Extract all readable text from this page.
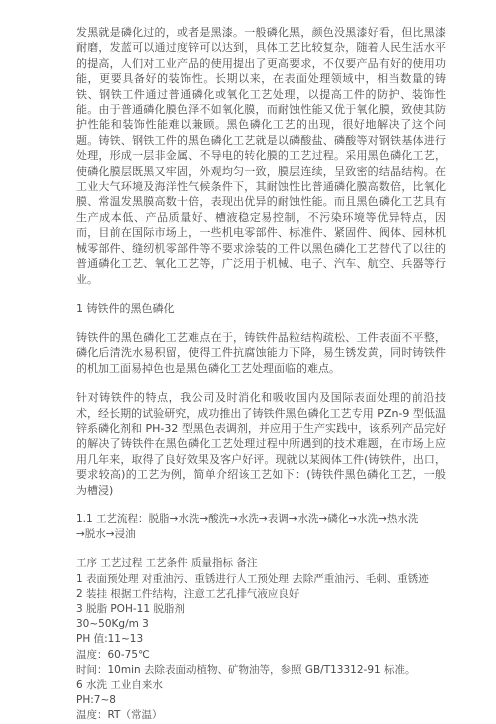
发黑就是磷化过的，或者是黑漆。一般磷化黑，颜色没黑漆好看，但比黑漆耐磨，发蓝可以通过度锌可以达到，具体工艺比较复杂，随着人民生活水平的提高，人们对工业产品的使用提出了更高要求，不仅要产品有好的使用功能，更要具备好的装饰性。长期以来，在表面处理领域中，相当数量的铸铁、钢铁工件通过普通磷化或氧化工艺处理，以提高工件的防护、装饰性能。由于普通磷化膜色泽不如氧化膜，而耐蚀性能又优于氧化膜，致使其防护性能和装饰性能难以兼顾。黑色磷化工艺的出现，很好地解决了这个问题。铸铁、钢铁工件的黑色磷化工艺就是以磷酸盐、磷酸等对钢铁基体进行处理，形成一层非金属、不导电的转化膜的工艺过程。采用黑色磷化工艺，使磷化膜层既黑又牢固，外观均匀一致，膜层连续，呈致密的结晶结构。在工业大气环境及海洋性气候条件下，其耐蚀性比普通磷化膜高数倍，比氧化膜、常温发黑膜高数十倍，表现出优异的耐蚀性能。而且黑色磷化工艺具有生产成本低、产品质量好、槽液稳定易控制，不污染环境等优异特点，因而，目前在国际市场上，一些机电零部件、标准件、紧固件、阀体、园林机械零部件、缝纫机零部件等不要求涂装的工件以黑色磷化工艺替代了以往的普通磷化工艺、氧化工艺等，广泛用于机械、电子、汽车、航空、兵器等行业。

1 铸铁件的黑色磷化

铸铁件的黑色磷化工艺难点在于，铸铁件晶粒结构疏松、工件表面不平整，磷化后清洗水易积留，使得工件抗腐蚀能力下降，易生锈发黄，同时铸铁件的机加工面易掉色也是黑色磷化工艺处理面临的难点。

针对铸铁件的特点，我公司及时消化和吸收国内及国际表面处理的前沿技术，经长期的试验研究，成功推出了铸铁件黑色磷化工艺专用 PZn-9 型低温锌系磷化剂和 PH-32 型黑色表调剂，并应用于生产实践中，该系列产品完好的解决了铸铁件在黑色磷化工艺处理过程中所遇到的技术难题，在市场上应用几年来，取得了良好效果及客户好评。现就以某阀体工件(铸铁件，出口，要求较高)的工艺为例，简单介绍该工艺如下：(铸铁件黑色磷化工艺，一般为槽浸)

1.1 工艺流程：脱脂→水洗→酸洗→水洗→表调→水洗→磷化→水洗→热水洗

→脱水→浸油

工序 工艺过程 工艺条件 质量指标 备注

1 表面预处理 对重油污、重锈进行人工预处理 去除严重油污、毛刺、重锈迹

2 装挂 根据工件结构，注意工艺孔排气液应良好

3 脱脂 POH-11 脱脂剂

30~50Kg/m 3

PH 值:11~13

温度：60-75℃

时间：10min 去除表面动植物、矿物油等，参照 GB/T13312-91 标准。

6 水洗 工业自来水

PH:7~8

温度：RT（常温）
